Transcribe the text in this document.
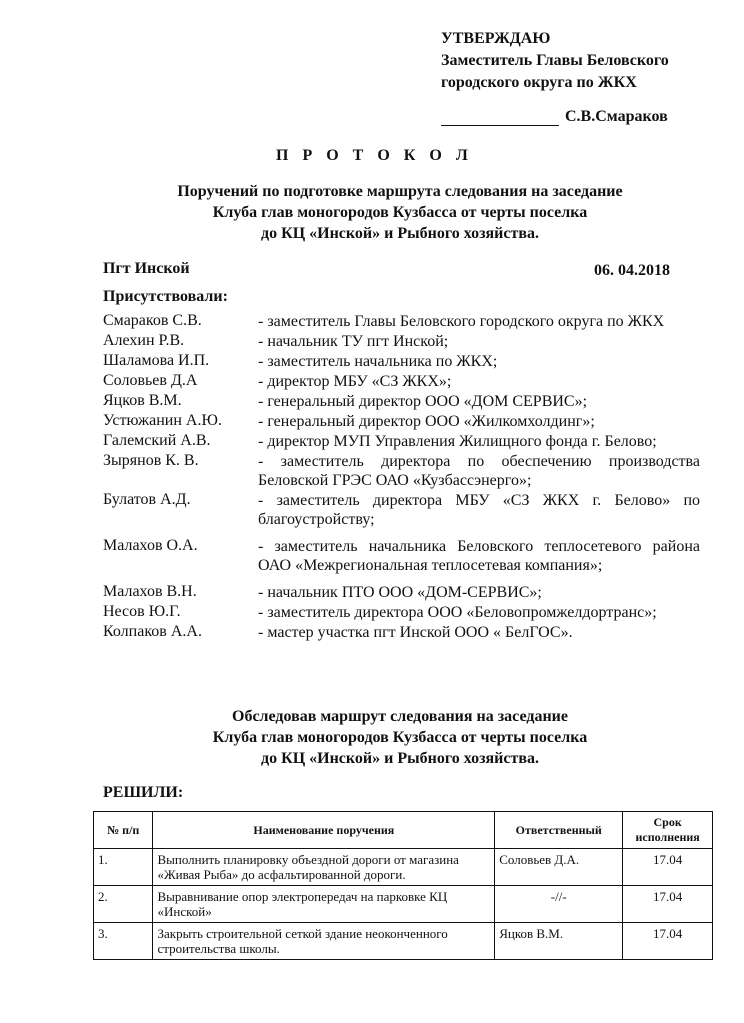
УТВЕРЖДАЮ
Заместитель Главы Беловского
городского округа по ЖКХ
С.В.Смараков
П Р О Т О К О Л
Поручений по подготовке маршрута следования на заседание
Клуба глав моногородов Кузбасса от черты поселка
до КЦ «Инской» и Рыбного хозяйства.
Пгт Инской	06. 04.2018
Присутствовали:
Смараков С.В.	- заместитель Главы Беловского городского округа по ЖКХ
Алехин Р.В.	- начальник ТУ пгт Инской;
Шаламова И.П.	- заместитель начальника по ЖКХ;
Соловьев Д.А	- директор МБУ «СЗ ЖКХ»;
Яцков В.М.	- генеральный директор ООО «ДОМ СЕРВИС»;
Устюжанин А.Ю. - генеральный директор ООО «Жилкомхолдинг»;
Галемский А.В.	- директор МУП Управления Жилищного фонда г. Белово;
Зырянов К. В.	- заместитель директора по обеспечению производства Беловской ГРЭС ОАО «Кузбассэнерго»;
Булатов А.Д.	- заместитель директора МБУ «СЗ ЖКХ г. Белово» по благоустройству;
Малахов О.А.	- заместитель начальника Беловского теплосетевого района ОАО «Межрегиональная теплосетевая компания»;
Малахов В.Н.	- начальник ПТО ООО «ДОМ-СЕРВИС»;
Несов Ю.Г.	- заместитель директора ООО «Беловопромжелдортранс»;
Колпаков А.А.	- мастер участка пгт Инской ООО « БелГОС».
Обследовав маршрут следования на заседание
Клуба глав моногородов Кузбасса от черты поселка
до КЦ «Инской» и Рыбного хозяйства.
РЕШИЛИ:
№ п/п	Наименование поручения	Ответственный	Срок исполнения
1.	Выполнить планировку объездной дороги от магазина «Живая Рыба» до асфальтированной дороги.	Соловьев Д.А.	17.04
2.	Выравнивание опор электропередач на парковке КЦ «Инской»	-//-	17.04
3.	Закрыть строительной сеткой здание неоконченного строительства школы.	Яцков В.М.	17.04
